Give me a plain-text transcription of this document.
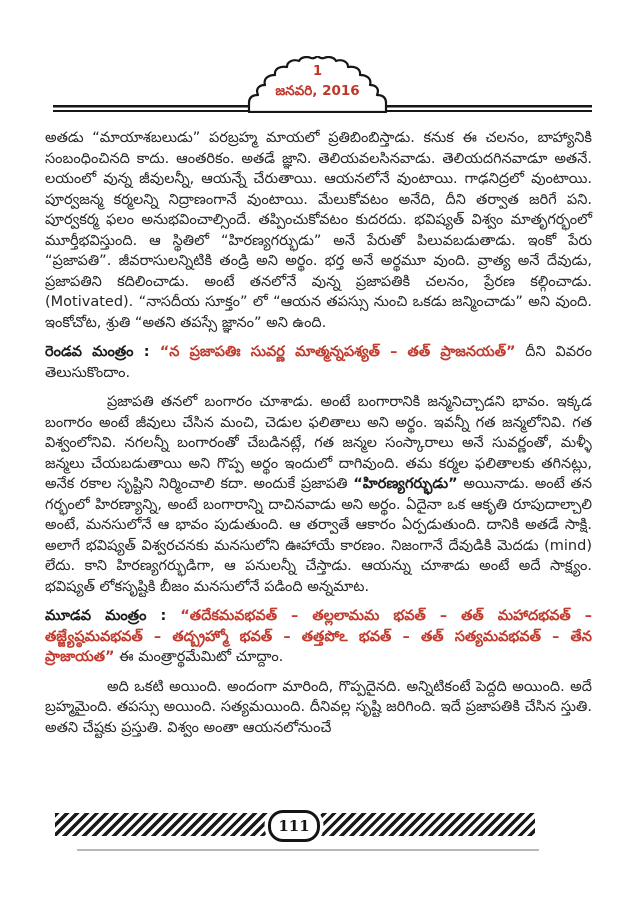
1
జనవరి, 2016

అతడు “మాయాశబలుడు” పరబ్రహ్మ మాయలో ప్రతిబింబిస్తాడు. కనుక ఈ చలనం, బాహ్యానికి సంబంధించినది కాదు. ఆంతరికం. అతడే జ్ఞాని. తెలియవలసినవాడు. తెలియదగినవాడూ అతనే. లయంలో వున్న జీవులన్నీ, ఆయన్నే చేరుతాయి. ఆయనలోనే వుంటాయి. గాఢనిద్రలో వుంటాయి. పూర్వజన్మ కర్మలన్ని నిద్రాణంగానే వుంటాయి. మేలుకోవటం అనేది, దీని తర్వాత జరిగే పని. పూర్వకర్మ ఫలం అనుభవించాల్సిందే. తప్పించుకోవటం కుదరదు. భవిష్యత్ విశ్వం మాతృగర్భంలో మూర్తీభవిస్తుంది. ఆ స్థితిలో “హిరణ్యగర్భుడు” అనే పేరుతో పిలువబడుతాడు. ఇంకో పేరు “ప్రజాపతి”. జీవరాసులన్నిటికి తండ్రి అని అర్థం. భర్త అనే అర్థమూ వుంది. వ్రాత్య అనే దేవుడు, ప్రజాపతిని కదిలించాడు. అంటే తనలోనే వున్న ప్రజాపతికి చలనం, ప్రేరణ కల్గించాడు. (Motivated). “నాసదీయ సూక్తం” లో “ఆయన తపస్సు నుంచి ఒకడు జన్మించాడు” అని వుంది. ఇంకోచోట, శ్రుతి “అతని తపస్సే జ్ఞానం” అని ఉంది.

రెండవ మంత్రం : “న ప్రజాపతిః సువర్ణ మాత్మన్నపశ్యత్ – తత్ ప్రాజనయత్” దీని వివరం తెలుసుకొందాం.

ప్రజాపతి తనలో బంగారం చూశాడు. అంటే బంగారానికి జన్మనిచ్చాడని భావం. ఇక్కడ బంగారం అంటే జీవులు చేసిన మంచి, చెడుల ఫలితాలు అని అర్థం. ఇవన్నీ గత జన్మలోనివి. గత విశ్వంలోనివి. నగలన్నీ బంగారంతో చేబడినట్లే, గత జన్మల సంస్కారాలు అనే సువర్ణంతో, మళ్ళీ జన్మలు చేయబడుతాయి అని గొప్ప అర్థం ఇందులో దాగివుంది. తమ కర్మల ఫలితాలకు తగినట్లు, అనేక రకాల సృష్టిని నిర్మించాలి కదా. అందుకే ప్రజాపతి “హిరణ్యగర్భుడు” అయినాడు. అంటే తన గర్భంలో హిరణ్యాన్ని, అంటే బంగారాన్ని దాచినవాడు అని అర్థం. ఏదైనా ఒక ఆకృతి రూపుదాల్చాలి అంటే, మనసులోనే ఆ భావం పుడుతుంది. ఆ తర్వాతే ఆకారం ఏర్పడుతుంది. దానికి అతడే సాక్షి. అలాగే భవిష్యత్ విశ్వరచనకు మనసులోని ఊహాయే కారణం. నిజంగానే దేవుడికి మెదడు (mind) లేదు. కాని హిరణ్యగర్భుడిగా, ఆ పనులన్నీ చేస్తాడు. ఆయన్ను చూశాడు అంటే అదే సాక్ష్యం. భవిష్యత్ లోకసృష్టికి బీజం మనసులోనే పడింది అన్నమాట.

మూడవ మంత్రం : “తదేకమవభవత్ – తల్లలామమ భవత్ – తత్ మహాదభవత్ – తజ్జ్యేష్ఠమవభవత్ – తద్బ్రహ్మో భవత్ – తత్తపోఽ భవత్ – తత్ సత్యమవభవత్ – తేన ప్రాజాయత” ఈ మంత్రార్థమేమిటో చూద్దాం.

అది ఒకటి అయింది. అందంగా మారింది, గొప్పదైనది. అన్నిటికంటే పెద్దది అయింది. అదే బ్రహ్మమైంది. తపస్సు అయింది. సత్యమయింది. దీనివల్ల సృష్టి జరిగింది. ఇదే ప్రజాపతికి చేసిన స్తుతి. అతని చేష్టకు ప్రస్తుతి. విశ్వం అంతా ఆయనలోనుంచే

111
